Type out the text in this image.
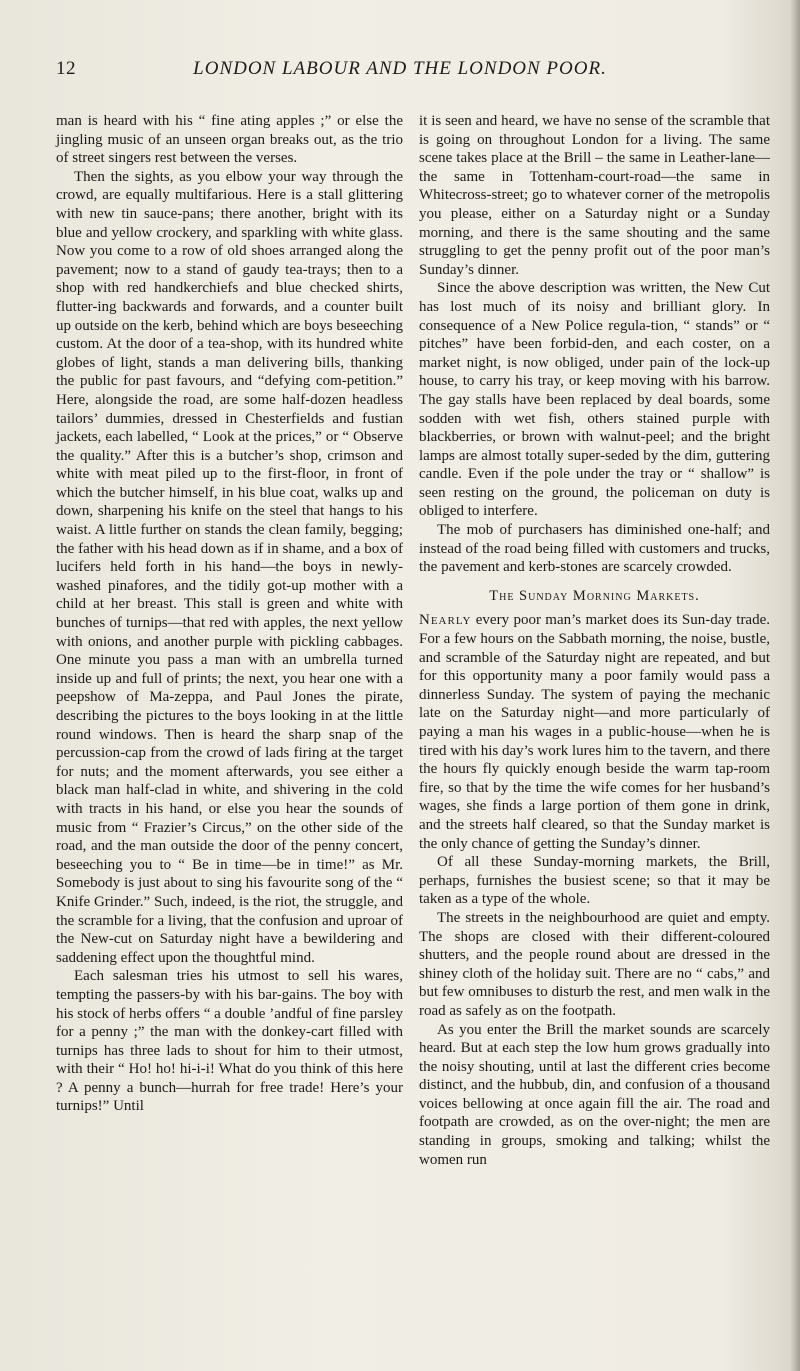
12	LONDON LABOUR AND THE LONDON POOR.

man is heard with his “ fine ating apples ;” or else the jingling music of an unseen organ breaks out, as the trio of street singers rest between the verses.

Then the sights, as you elbow your way through the crowd, are equally multifarious. Here is a stall glittering with new tin sauce-pans; there another, bright with its blue and yellow crockery, and sparkling with white glass. Now you come to a row of old shoes arranged along the pavement; now to a stand of gaudy tea-trays; then to a shop with red handkerchiefs and blue checked shirts, flutter-ing backwards and forwards, and a counter built up outside on the kerb, behind which are boys beseeching custom. At the door of a tea-shop, with its hundred white globes of light, stands a man delivering bills, thanking the public for past favours, and “defying com-petition.” Here, alongside the road, are some half-dozen headless tailors’ dummies, dressed in Chesterfields and fustian jackets, each labelled, “ Look at the prices,” or “ Observe the quality.” After this is a butcher’s shop, crimson and white with meat piled up to the first-floor, in front of which the butcher himself, in his blue coat, walks up and down, sharpening his knife on the steel that hangs to his waist. A little further on stands the clean family, begging; the father with his head down as if in shame, and a box of lucifers held forth in his hand—the boys in newly-washed pinafores, and the tidily got-up mother with a child at her breast. This stall is green and white with bunches of turnips—that red with apples, the next yellow with onions, and another purple with pickling cabbages. One minute you pass a man with an umbrella turned inside up and full of prints; the next, you hear one with a peepshow of Ma-zeppa, and Paul Jones the pirate, describing the pictures to the boys looking in at the little round windows. Then is heard the sharp snap of the percussion-cap from the crowd of lads firing at the target for nuts; and the moment afterwards, you see either a black man half-clad in white, and shivering in the cold with tracts in his hand, or else you hear the sounds of music from “ Frazier’s Circus,” on the other side of the road, and the man outside the door of the penny concert, beseeching you to “ Be in time—be in time!” as Mr. Somebody is just about to sing his favourite song of the “ Knife Grinder.” Such, indeed, is the riot, the struggle, and the scramble for a living, that the confusion and uproar of the New-cut on Saturday night have a bewildering and saddening effect upon the thoughtful mind.

Each salesman tries his utmost to sell his wares, tempting the passers-by with his bar-gains. The boy with his stock of herbs offers “ a double ’andful of fine parsley for a penny ;” the man with the donkey-cart filled with turnips has three lads to shout for him to their utmost, with their “ Ho! ho! hi-i-i! What do you think of this here ? A penny a bunch—hurrah for free trade! Here’s your turnips!” Until

it is seen and heard, we have no sense of the scramble that is going on throughout London for a living. The same scene takes place at the Brill – the same in Leather-lane—the same in Tottenham-court-road—the same in Whitecross-street; go to whatever corner of the metropolis you please, either on a Saturday night or a Sunday morning, and there is the same shouting and the same struggling to get the penny profit out of the poor man’s Sunday’s dinner.

Since the above description was written, the New Cut has lost much of its noisy and brilliant glory. In consequence of a New Police regula-tion, “ stands” or “ pitches” have been forbid-den, and each coster, on a market night, is now obliged, under pain of the lock-up house, to carry his tray, or keep moving with his barrow. The gay stalls have been replaced by deal boards, some sodden with wet fish, others stained purple with blackberries, or brown with walnut-peel; and the bright lamps are almost totally super-seded by the dim, guttering candle. Even if the pole under the tray or “ shallow” is seen resting on the ground, the policeman on duty is obliged to interfere.

The mob of purchasers has diminished one-half; and instead of the road being filled with customers and trucks, the pavement and kerb-stones are scarcely crowded.

The Sunday Morning Markets.

Nearly every poor man’s market does its Sun-day trade. For a few hours on the Sabbath morning, the noise, bustle, and scramble of the Saturday night are repeated, and but for this opportunity many a poor family would pass a dinnerless Sunday. The system of paying the mechanic late on the Saturday night—and more particularly of paying a man his wages in a public-house—when he is tired with his day’s work lures him to the tavern, and there the hours fly quickly enough beside the warm tap-room fire, so that by the time the wife comes for her husband’s wages, she finds a large portion of them gone in drink, and the streets half cleared, so that the Sunday market is the only chance of getting the Sunday’s dinner.

Of all these Sunday-morning markets, the Brill, perhaps, furnishes the busiest scene; so that it may be taken as a type of the whole.

The streets in the neighbourhood are quiet and empty. The shops are closed with their different-coloured shutters, and the people round about are dressed in the shiney cloth of the holiday suit. There are no “ cabs,” and but few omnibuses to disturb the rest, and men walk in the road as safely as on the footpath.

As you enter the Brill the market sounds are scarcely heard. But at each step the low hum grows gradually into the noisy shouting, until at last the different cries become distinct, and the hubbub, din, and confusion of a thousand voices bellowing at once again fill the air. The road and footpath are crowded, as on the over-night; the men are standing in groups, smoking and talking; whilst the women run
